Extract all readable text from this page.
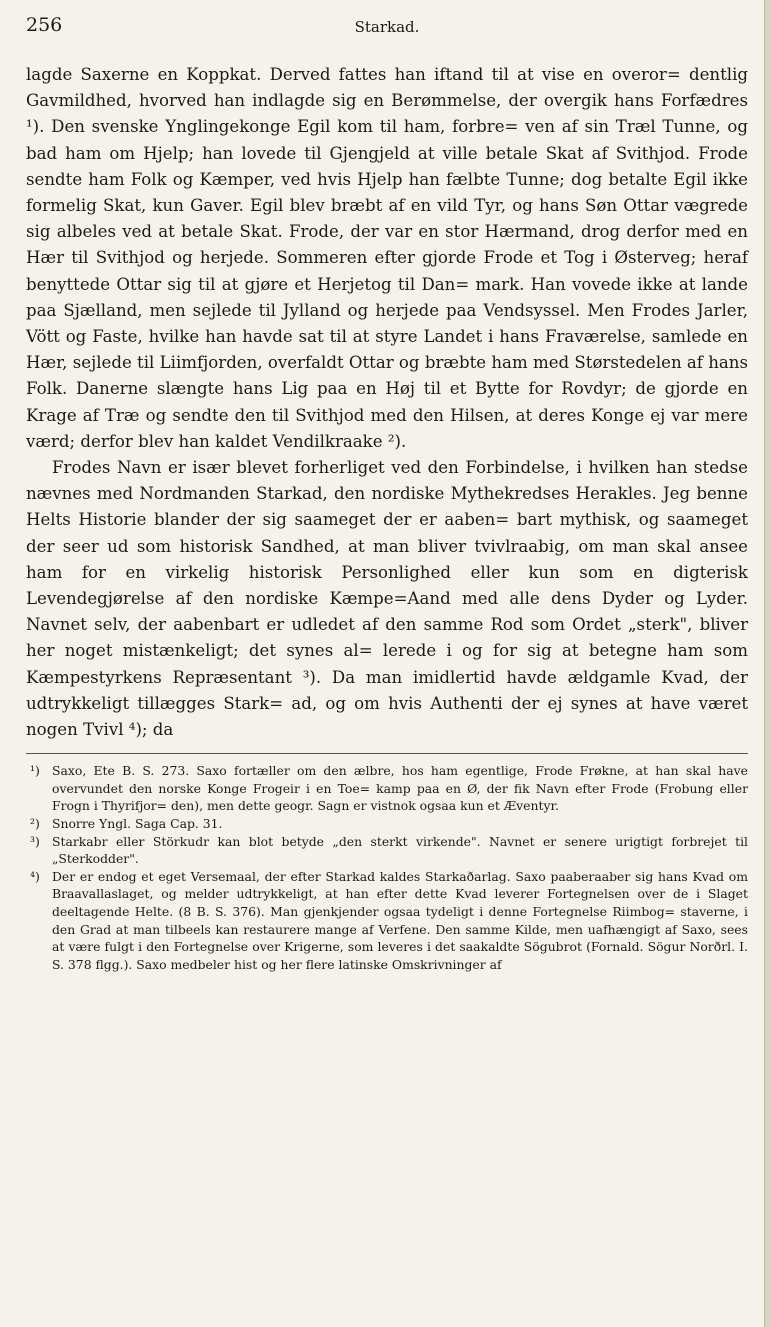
256	Starkad.

lagde Saxerne en Koppkat. Derved fattes han iftand til at vise en overor= dentlig Gavmildhed, hvorved han indlagde sig en Berømmelse, der overgik hans Forfædres ¹). Den svenske Ynglingekonge Egil kom til ham, forbre= ven af sin Træl Tunne, og bad ham om Hjelp; han lovede til Gjengjeld at ville betale Skat af Svithjod. Frode sendte ham Folk og Kæmper, ved hvis Hjelp han fælbte Tunne; dog betalte Egil ikke formelig Skat, kun Gaver. Egil blev bræbt af en vild Tyr, og hans Søn Ottar vægrede sig albeles ved at betale Skat. Frode, der var en stor Hærmand, drog derfor med en Hær til Svithjod og herjede. Sommeren efter gjorde Frode et Tog i Østerveg; heraf benyttede Ottar sig til at gjøre et Herjetog til Dan= mark. Han vovede ikke at lande paa Sjælland, men sejlede til Jylland og herjede paa Vendsyssel. Men Frodes Jarler, Vött og Faste, hvilke han havde sat til at styre Landet i hans Fraværelse, samlede en Hær, sejlede til Liimfjorden, overfaldt Ottar og bræbte ham med Størstedelen af hans Folk. Danerne slængte hans Lig paa en Høj til et Bytte for Rovdyr; de gjorde en Krage af Træ og sendte den til Svithjod med den Hilsen, at deres Konge ej var mere værd; derfor blev han kaldet Vendilkraake ²).

Frodes Navn er især blevet forherliget ved den Forbindelse, i hvilken han stedse nævnes med Nordmanden Starkad, den nordiske Mythekredses Herakles. Jeg benne Helts Historie blander der sig saameget der er aaben= bart mythisk, og saameget der seer ud som historisk Sandhed, at man bliver tvivlraabig, om man skal ansee ham for en virkelig historisk Personlighed eller kun som en digterisk Levendegjørelse af den nordiske Kæmpe=Aand med alle dens Dyder og Lyder. Navnet selv, der aabenbart er udledet af den samme Rod som Ordet „sterk", bliver her noget mistænkeligt; det synes al= lerede i og for sig at betegne ham som Kæmpestyrkens Repræsentant ³). Da man imidlertid havde ældgamle Kvad, der udtrykkeligt tillægges Stark= ad, og om hvis Authenti der ej synes at have været nogen Tvivl ⁴); da

¹) Saxo, Ete B. S. 273. Saxo fortæller om den ælbre, hos ham egentlige, Frode Frøkne, at han skal have overvundet den norske Konge Frogeir i en Toe= kamp paa en Ø, der fik Navn efter Frode (Frobung eller Frogn i Thyrifjor= den), men dette geogr. Sagn er vistnok ogsaa kun et Æventyr.
²) Snorre Yngl. Saga Cap. 31.
³) Starkabr eller Störkudr kan blot betyde „den sterkt virkende". Navnet er senere urigtigt forbrejet til „Sterkodder".
⁴) Der er endog et eget Versemaal, der efter Starkad kaldes Starkaðarlag. Saxo paaberaaber sig hans Kvad om Braavallaslaget, og melder udtrykkeligt, at han efter dette Kvad leverer Fortegnelsen over de i Slaget deeltagende Helte. (8 B. S. 376). Man gjenkjender ogsaa tydeligt i denne Fortegnelse Riimbog= staverne, i den Grad at man tilbeels kan restaurere mange af Verfene. Den samme Kilde, men uafhængigt af Saxo, sees at være fulgt i den Fortegnelse over Krigerne, som leveres i det saakaldte Sögubrot (Fornald. Sögur Norðrl. I. S. 378 flgg.). Saxo medbeler hist og her flere latinske Omskrivninger af
